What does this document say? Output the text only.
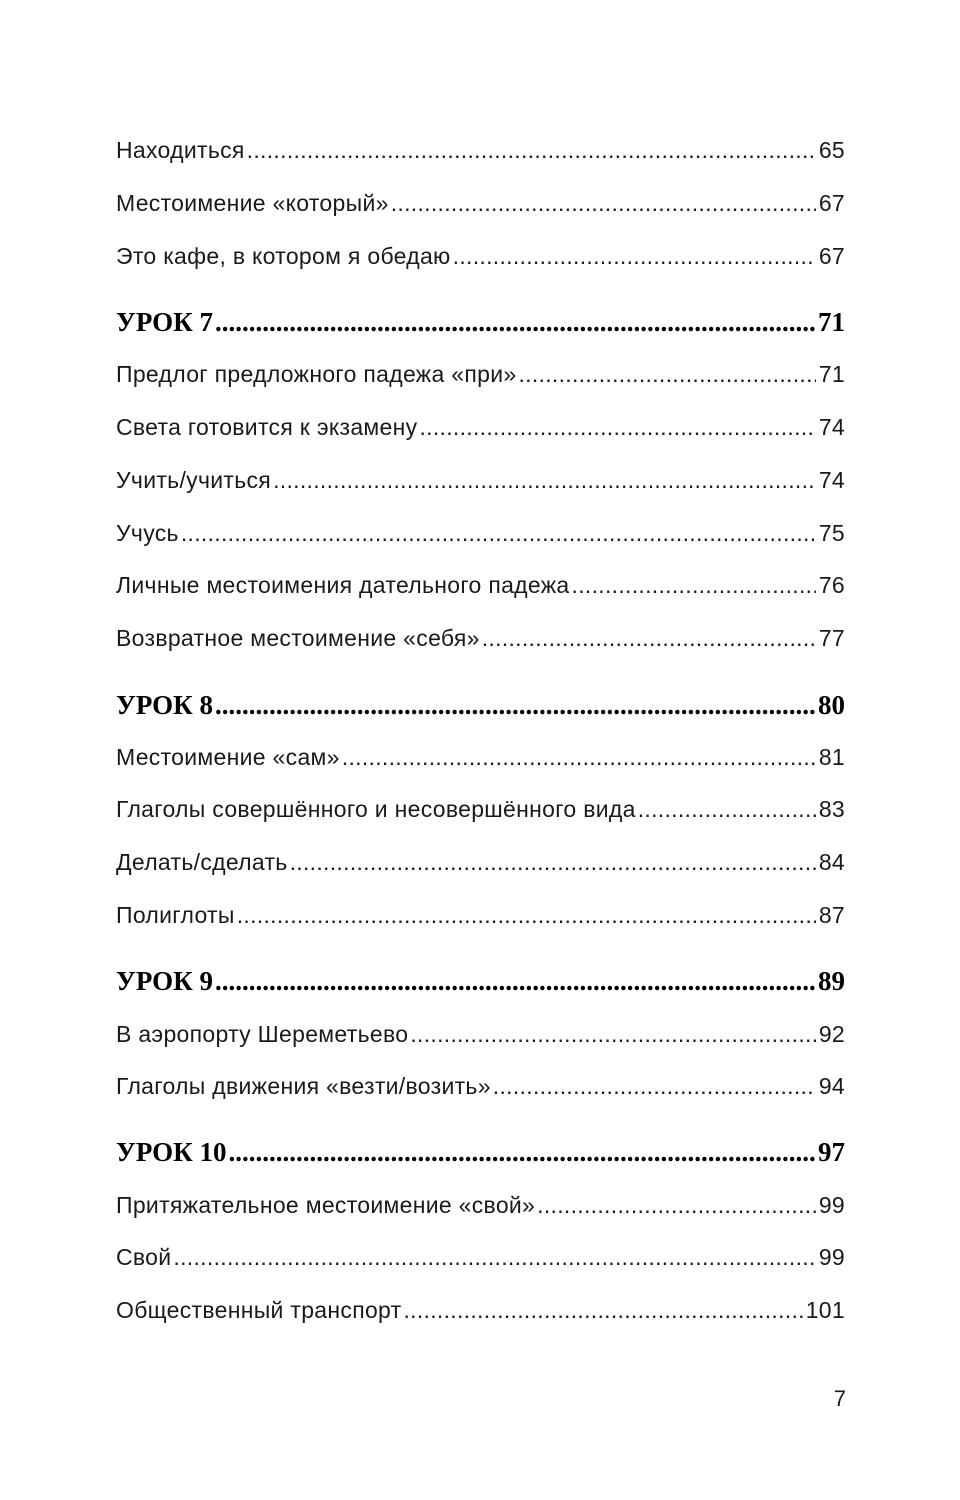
Находиться .....	65
Местоимение «который» .....	67
Это кафе, в котором я обедаю .....	67
УРОК 7 .....	71
Предлог предложного падежа «при» .....	71
Света готовится к экзамену .....	74
Учить/учиться .....	74
Учусь .....	75
Личные местоимения дательного падежа .....	76
Возвратное местоимение «себя» .....	77
УРОК 8 .....	80
Местоимение «сам» .....	81
Глаголы совершённого и несовершённого вида .....	83
Делать/сделать .....	84
Полиглоты .....	87
УРОК 9 .....	89
В аэропорту Шереметьево .....	92
Глаголы движения «везти/возить» .....	94
УРОК 10 .....	97
Притяжательное местоимение «свой» .....	99
Свой .....	99
Общественный транспорт .....	101
7
